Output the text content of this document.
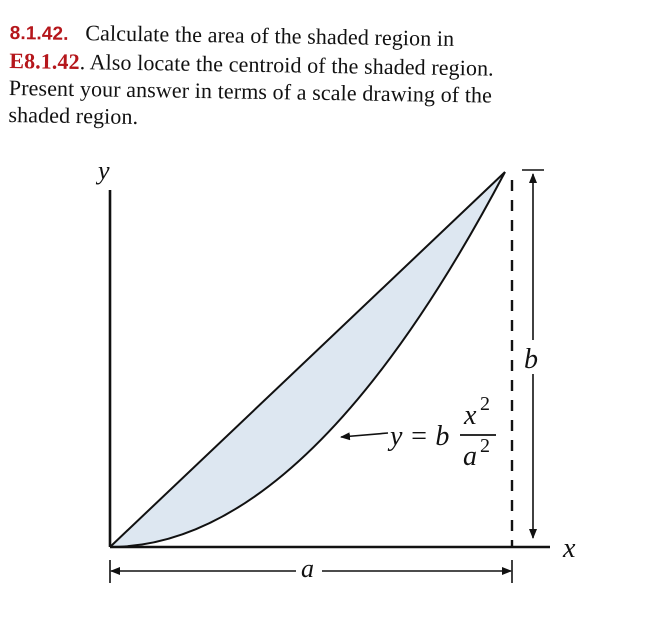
8.1.42. Calculate the area of the shaded region in
E8.1.42. Also locate the centroid of the shaded region.
Present your answer in terms of a scale drawing of the
shaded region.
y
x
a
b
y = b
x 2
a 2
